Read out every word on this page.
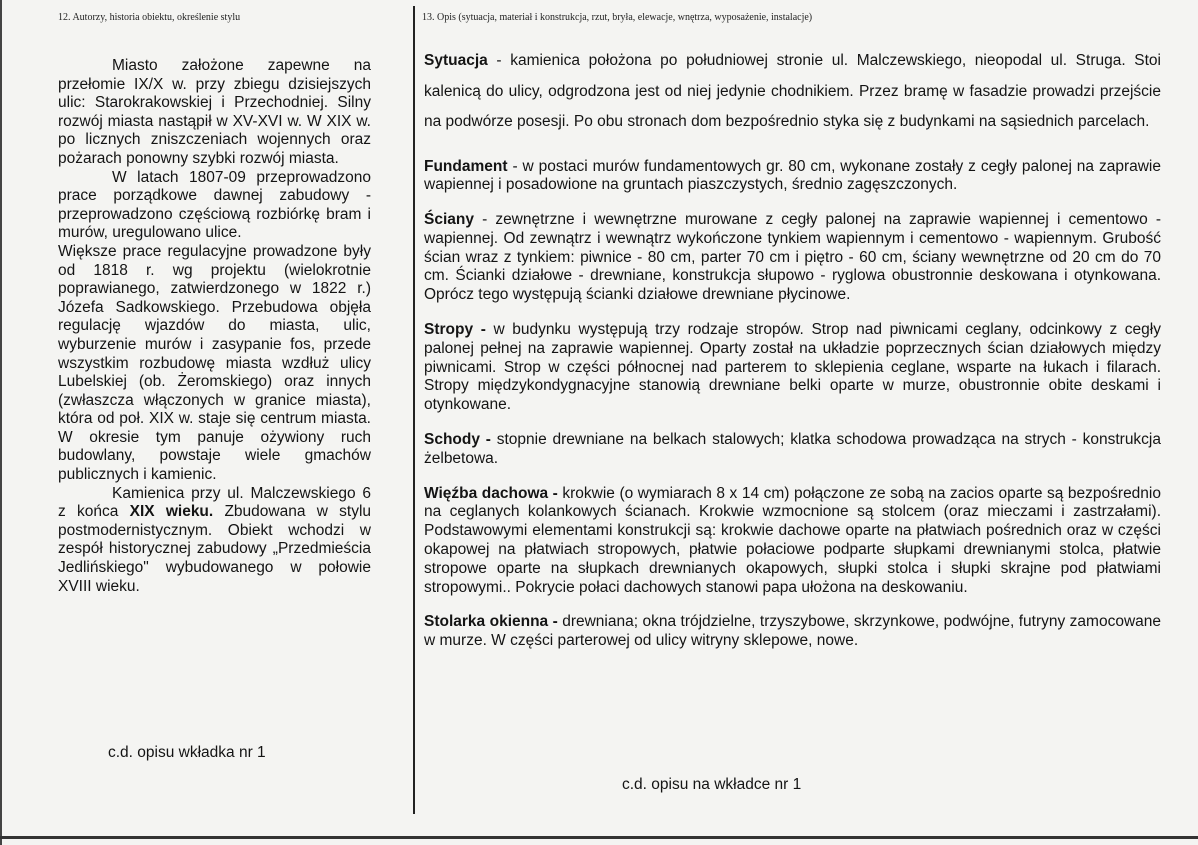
12. Autorzy, historia obiektu, określenie stylu	13. Opis (sytuacja, materiał i konstrukcja, rzut, bryła, elewacje, wnętrza, wyposażenie, instalacje)

Miasto założone zapewne na przełomie IX/X w. przy zbiegu dzisiejszych ulic: Starokrakowskiej i Przechodniej. Silny rozwój miasta nastąpił w XV-XVI w. W XIX w. po licznych zniszczeniach wojennych oraz pożarach ponowny szybki rozwój miasta.

W latach 1807-09 przeprowadzono prace porządkowe dawnej zabudowy - przeprowadzono częściową rozbiórkę bram i murów, uregulowano ulice.

Większe prace regulacyjne prowadzone były od 1818 r. wg projektu (wielokrotnie poprawianego, zatwierdzonego w 1822 r.) Józefa Sadkowskiego. Przebudowa objęła regulację wjazdów do miasta, ulic, wyburzenie murów i zasypanie fos, przede wszystkim rozbudowę miasta wzdłuż ulicy Lubelskiej (ob. Żeromskiego) oraz innych (zwłaszcza włączonych w granice miasta), która od poł. XIX w. staje się centrum miasta. W okresie tym panuje ożywiony ruch budowlany, powstaje wiele gmachów publicznych i kamienic.

Kamienica przy ul. Malczewskiego 6 z końca XIX wieku. Zbudowana w stylu postmodernistycznym. Obiekt wchodzi w zespół historycznej zabudowy „Przedmieścia Jedlińskiego" wybudowanego w połowie XVIII wieku.

c.d. opisu wkładka nr 1

Sytuacja - kamienica położona po południowej stronie ul. Malczewskiego, nieopodal ul. Struga. Stoi kalenicą do ulicy, odgrodzona jest od niej jedynie chodnikiem. Przez bramę w fasadzie prowadzi przejście na podwórze posesji. Po obu stronach dom bezpośrednio styka się z budynkami na sąsiednich parcelach.

Fundament - w postaci murów fundamentowych gr. 80 cm, wykonane zostały z cegły palonej na zaprawie wapiennej i posadowione na gruntach piaszczystych, średnio zagęszczonych.

Ściany - zewnętrzne i wewnętrzne murowane z cegły palonej na zaprawie wapiennej i cementowo - wapiennej. Od zewnątrz i wewnątrz wykończone tynkiem wapiennym i cementowo - wapiennym. Grubość ścian wraz z tynkiem: piwnice - 80 cm, parter 70 cm i piętro - 60 cm, ściany wewnętrzne od 20 cm do 70 cm. Ścianki działowe - drewniane, konstrukcja słupowo - ryglowa obustronnie deskowana i otynkowana. Oprócz tego występują ścianki działowe drewniane płycinowe.

Stropy - w budynku występują trzy rodzaje stropów. Strop nad piwnicami ceglany, odcinkowy z cegły palonej pełnej na zaprawie wapiennej. Oparty został na układzie poprzecznych ścian działowych między piwnicami. Strop w części północnej nad parterem to sklepienia ceglane, wsparte na łukach i filarach. Stropy międzykondygnacyjne stanowią drewniane belki oparte w murze, obustronnie obite deskami i otynkowane.

Schody - stopnie drewniane na belkach stalowych; klatka schodowa prowadząca na strych - konstrukcja żelbetowa.

Więźba dachowa - krokwie (o wymiarach 8 x 14 cm) połączone ze sobą na zacios oparte są bezpośrednio na ceglanych kolankowych ścianach. Krokwie wzmocnione są stolcem (oraz mieczami i zastrzałami). Podstawowymi elementami konstrukcji są: krokwie dachowe oparte na płatwiach pośrednich oraz w części okapowej na płatwiach stropowych, płatwie połaciowe podparte słupkami drewnianymi stolca, płatwie stropowe oparte na słupkach drewnianych okapowych, słupki stolca i słupki skrajne pod płatwiami stropowymi.. Pokrycie połaci dachowych stanowi papa ułożona na deskowaniu.

Stolarka okienna - drewniana; okna trójdzielne, trzyszybowe, skrzynkowe, podwójne, futryny zamocowane w murze. W części parterowej od ulicy witryny sklepowe, nowe.

c.d. opisu na wkładce nr 1
